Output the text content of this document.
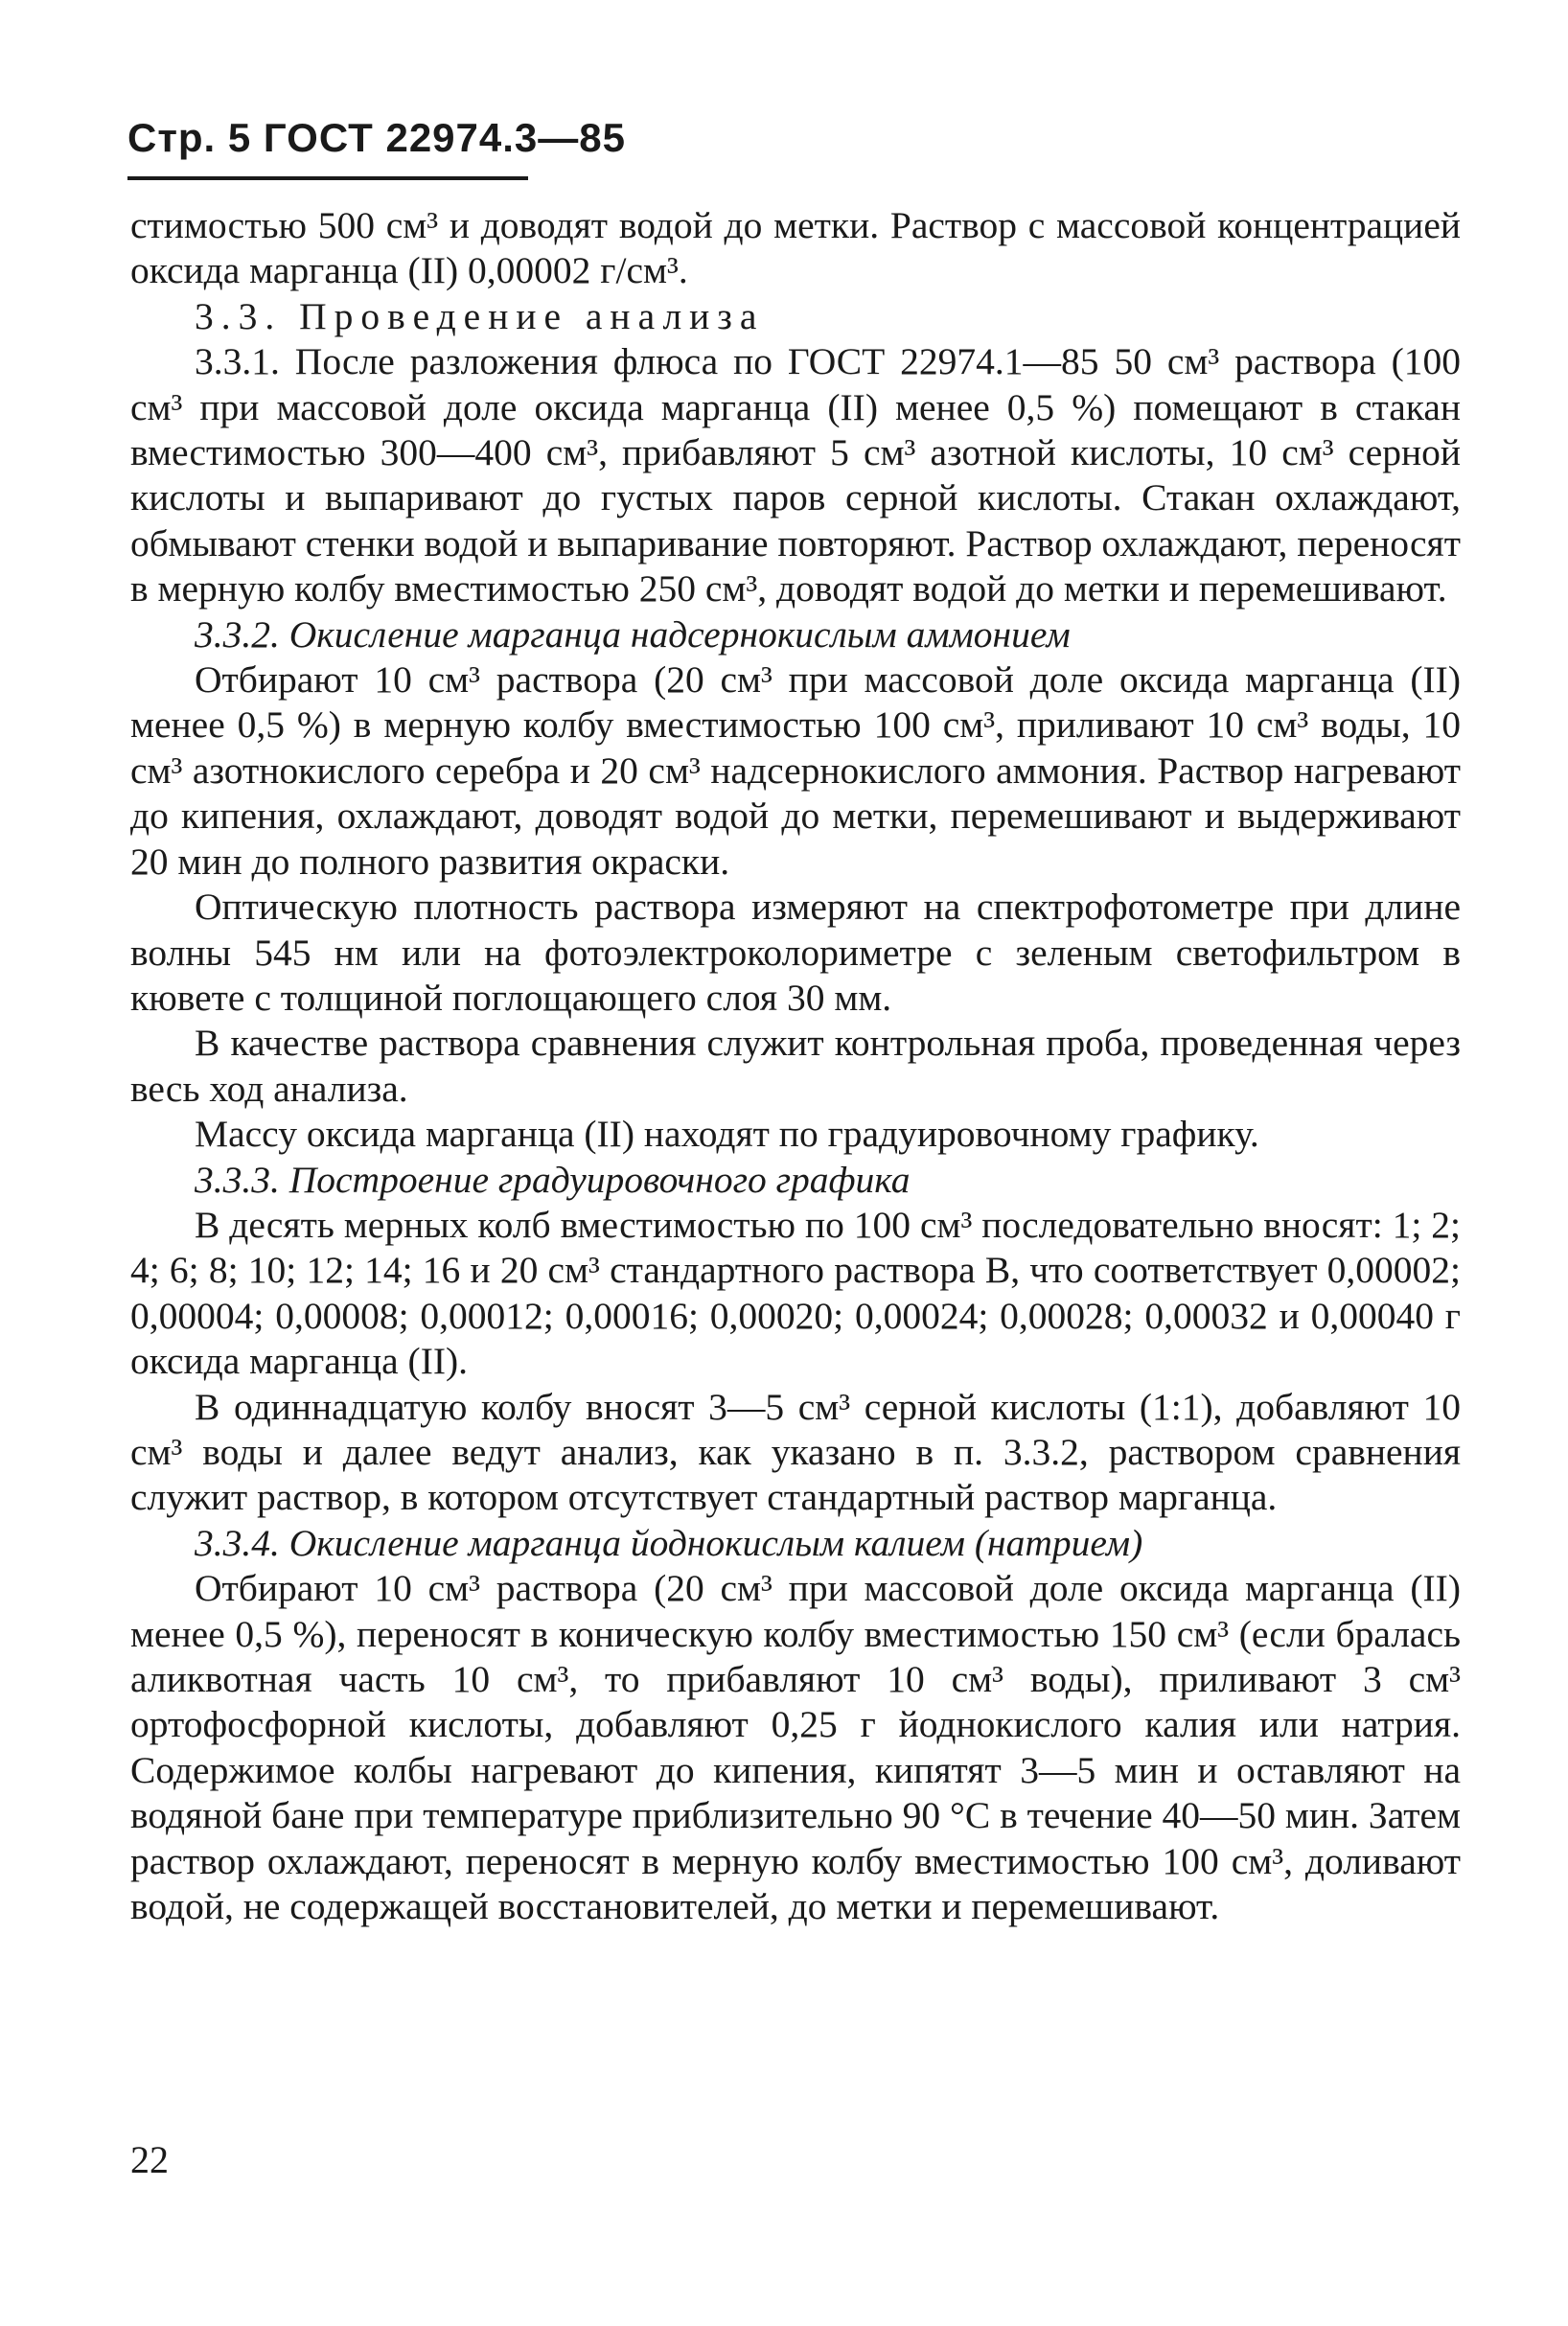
Стр. 5 ГОСТ 22974.3—85

стимостью 500 см³ и доводят водой до метки. Раствор с массовой концентрацией оксида марганца (II) 0,00002 г/см³.

3.3. Проведение анализа

3.3.1. После разложения флюса по ГОСТ 22974.1—85 50 см³ раствора (100 см³ при массовой доле оксида марганца (II) менее 0,5 %) помещают в стакан вместимостью 300—400 см³, прибавляют 5 см³ азотной кислоты, 10 см³ серной кислоты и выпаривают до густых паров серной кислоты. Стакан охлаждают, обмывают стенки водой и выпаривание повторяют. Раствор охлаждают, переносят в мерную колбу вместимостью 250 см³, доводят водой до метки и перемешивают.

3.3.2. Окисление марганца надсернокислым аммонием

Отбирают 10 см³ раствора (20 см³ при массовой доле оксида марганца (II) менее 0,5 %) в мерную колбу вместимостью 100 см³, приливают 10 см³ воды, 10 см³ азотнокислого серебра и 20 см³ надсернокислого аммония. Раствор нагревают до кипения, охлаждают, доводят водой до метки, перемешивают и выдерживают 20 мин до полного развития окраски.

Оптическую плотность раствора измеряют на спектрофотометре при длине волны 545 нм или на фотоэлектроколориметре с зеленым светофильтром в кювете с толщиной поглощающего слоя 30 мм.

В качестве раствора сравнения служит контрольная проба, проведенная через весь ход анализа.

Массу оксида марганца (II) находят по градуировочному графику.

3.3.3. Построение градуировочного графика

В десять мерных колб вместимостью по 100 см³ последовательно вносят: 1; 2; 4; 6; 8; 10; 12; 14; 16 и 20 см³ стандартного раствора В, что соответствует 0,00002; 0,00004; 0,00008; 0,00012; 0,00016; 0,00020; 0,00024; 0,00028; 0,00032 и 0,00040 г оксида марганца (II).

В одиннадцатую колбу вносят 3—5 см³ серной кислоты (1:1), добавляют 10 см³ воды и далее ведут анализ, как указано в п. 3.3.2, раствором сравнения служит раствор, в котором отсутствует стандартный раствор марганца.

3.3.4. Окисление марганца йоднокислым калием (натрием)

Отбирают 10 см³ раствора (20 см³ при массовой доле оксида марганца (II) менее 0,5 %), переносят в коническую колбу вместимостью 150 см³ (если бралась аликвотная часть 10 см³, то прибавляют 10 см³ воды), приливают 3 см³ ортофосфорной кислоты, добавляют 0,25 г йоднокислого калия или натрия. Содержимое колбы нагревают до кипения, кипятят 3—5 мин и оставляют на водяной бане при температуре приблизительно 90 °С в течение 40—50 мин. Затем раствор охлаждают, переносят в мерную колбу вместимостью 100 см³, доливают водой, не содержащей восстановителей, до метки и перемешивают.

22
